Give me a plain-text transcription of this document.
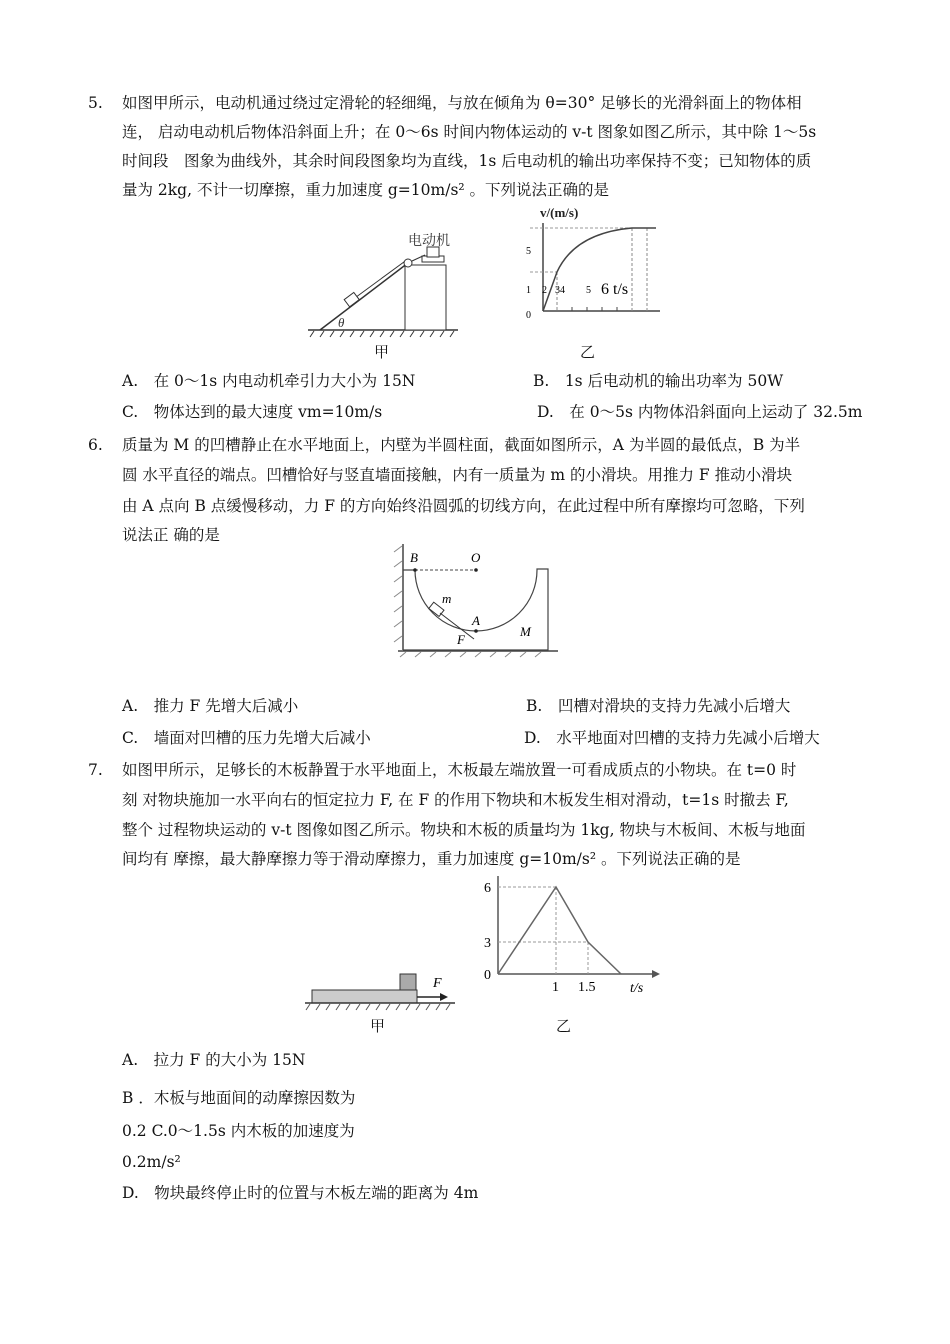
5. 如图甲所示，电动机通过绕过定滑轮的轻细绳，与放在倾角为 θ=30° 足够长的光滑斜面上的物体相
连， 启动电动机后物体沿斜面上升；在 0～6s 时间内物体运动的 v-t 图象如图乙所示，其中除 1～5s
时间段　图象为曲线外，其余时间段图象均为直线，1s 后电动机的输出功率保持不变；已知物体的质
量为 2kg, 不计一切摩擦，重力加速度 g=10m/s² 。下列说法正确的是
电动机
θ
甲
v/(m/s)
5
1
0
2 34 5 6 t/s
乙
A.　在 0～1s 内电动机牵引力大小为 15N	B.　1s 后电动机的输出功率为 50W
C.　物体达到的最大速度 vm=10m/s	D.　在 0～5s 内物体沿斜面向上运动了 32.5m
6. 质量为 M 的凹槽静止在水平地面上，内壁为半圆柱面，截面如图所示，A 为半圆的最低点，B 为半
圆 水平直径的端点。凹槽恰好与竖直墙面接触，内有一质量为 m 的小滑块。用推力 F 推动小滑块
由 A 点向 B 点缓慢移动，力 F 的方向始终沿圆弧的切线方向，在此过程中所有摩擦均可忽略，下列
说法正 确的是
B	O
m
A
F
M
A.　推力 F 先增大后减小	B.　凹槽对滑块的支持力先减小后增大
C.　墙面对凹槽的压力先增大后减小	D.　水平地面对凹槽的支持力先减小后增大
7. 如图甲所示，足够长的木板静置于水平地面上，木板最左端放置一可看成质点的小物块。在 t=0 时
刻 对物块施加一水平向右的恒定拉力 F, 在 F 的作用下物块和木板发生相对滑动，t=1s 时撤去 F,
整个 过程物块运动的 v-t 图像如图乙所示。物块和木板的质量均为 1kg, 物块与木板间、木板与地面
间均有 摩擦，最大静摩擦力等于滑动摩擦力，重力加速度 g=10m/s² 。下列说法正确的是
F
甲
6
3
0
1 1.5 t/s
乙
A.　拉力 F 的大小为 15N
B ．木板与地面间的动摩擦因数为
0.2 C.0～1.5s 内木板的加速度为
0.2m/s²
D.　物块最终停止时的位置与木板左端的距离为 4m
